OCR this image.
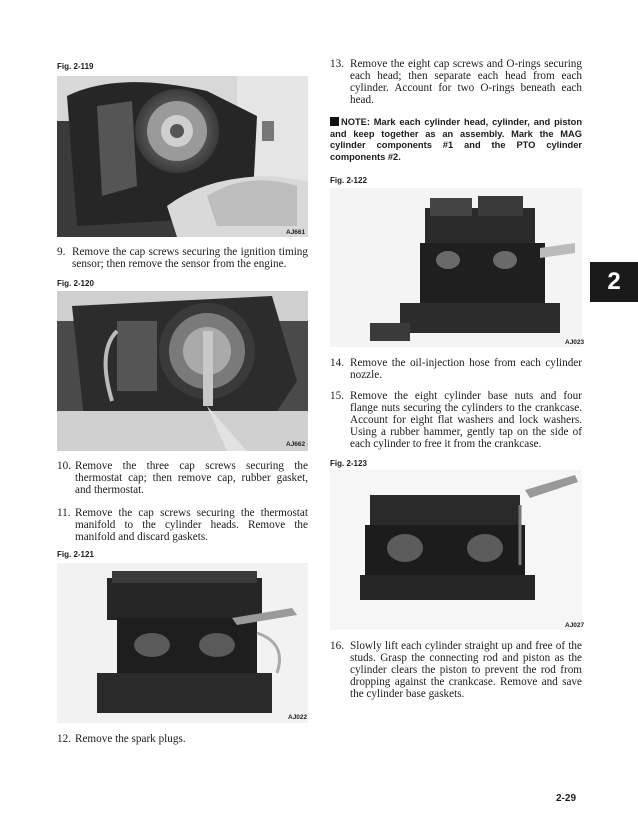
Fig. 2-119
AJ661
9. Remove the cap screws securing the ignition timing sensor; then remove the sensor from the engine.
Fig. 2-120
AJ662
10. Remove the three cap screws securing the thermostat cap; then remove cap, rubber gasket, and thermostat.
11. Remove the cap screws securing the thermostat manifold to the cylinder heads. Remove the manifold and discard gaskets.
Fig. 2-121
AJ022
12. Remove the spark plugs.
13. Remove the eight cap screws and O-rings securing each head; then separate each head from each cylinder. Account for two O-rings beneath each head.
NOTE: Mark each cylinder head, cylinder, and piston and keep together as an assembly. Mark the MAG cylinder components #1 and the PTO cylinder components #2.
Fig. 2-122
AJ023
14. Remove the oil-injection hose from each cylinder nozzle.
15. Remove the eight cylinder base nuts and four flange nuts securing the cylinders to the crankcase. Account for eight flat washers and lock washers. Using a rubber hammer, gently tap on the side of each cylinder to free it from the crankcase.
Fig. 2-123
AJ027
16. Slowly lift each cylinder straight up and free of the studs. Grasp the connecting rod and piston as the cylinder clears the piston to prevent the rod from dropping against the crankcase. Remove and save the cylinder base gaskets.
2
2-29
